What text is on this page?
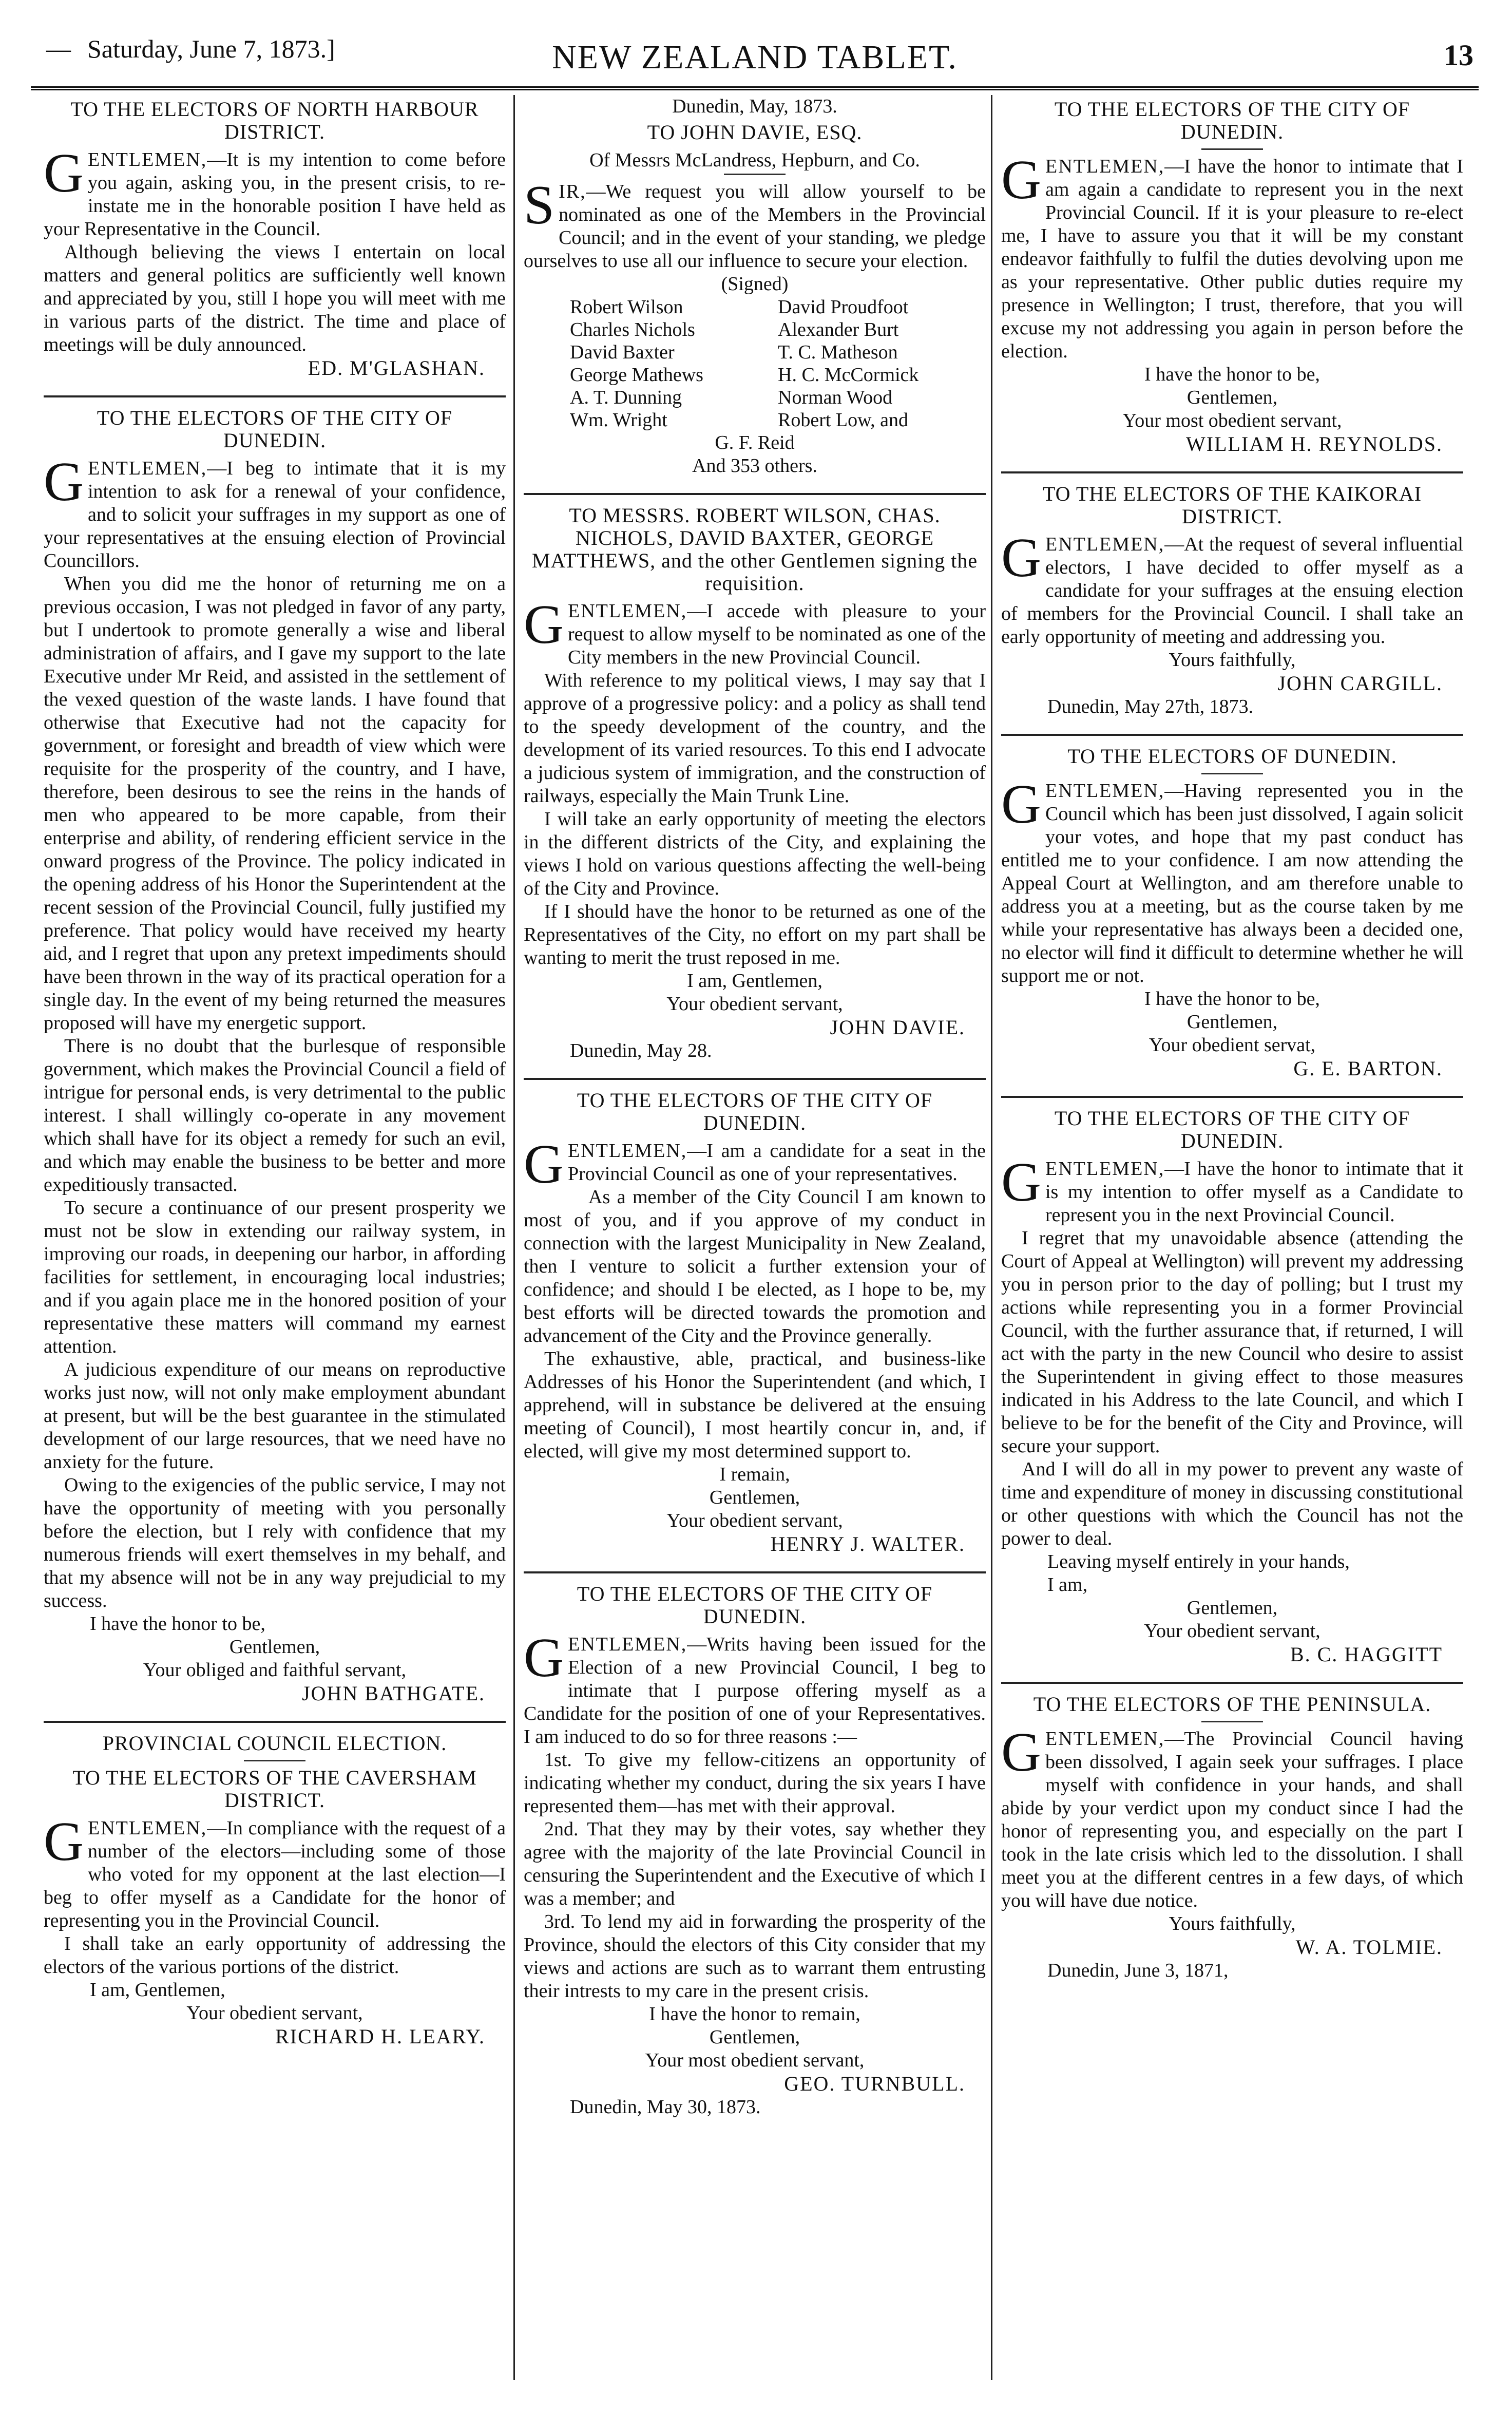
— Saturday, June 7, 1873.]	NEW ZEALAND TABLET.	13
TO THE ELECTORS OF NORTH HARBOUR DISTRICT.

GENTLEMEN,—It is my intention to come before you again, asking you, in the present crisis, to re-instate me in the honorable position I have held as your Representative in the Council.

Although believing the views I entertain on local matters and general politics are sufficiently well known and appreciated by you, still I hope you will meet with me in various parts of the district. The time and place of meetings will be duly announced.

ED. M'GLASHAN.
TO THE ELECTORS OF THE CITY OF DUNEDIN.

GENTLEMEN,—I beg to intimate that it is my intention to ask for a renewal of your confidence, and to solicit your suffrages in my support as one of your representatives at the ensuing election of Provincial Councillors.

When you did me the honor of returning me on a previous occasion, I was not pledged in favor of any party, but I undertook to promote generally a wise and liberal administration of affairs, and I gave my support to the late Executive under Mr Reid, and assisted in the settlement of the vexed question of the waste lands. I have found that otherwise that Executive had not the capacity for government, or foresight and breadth of view which were requisite for the prosperity of the country, and I have, therefore, been desirous to see the reins in the hands of men who appeared to be more capable, from their enterprise and ability, of rendering efficient service in the onward progress of the Province. The policy indicated in the opening address of his Honor the Superintendent at the recent session of the Provincial Council, fully justified my preference. That policy would have received my hearty aid, and I regret that upon any pretext impediments should have been thrown in the way of its practical operation for a single day. In the event of my being returned the measures proposed will have my energetic support.

There is no doubt that the burlesque of responsible government, which makes the Provincial Council a field of intrigue for personal ends, is very detrimental to the public interest. I shall willingly co-operate in any movement which shall have for its object a remedy for such an evil, and which may enable the business to be better and more expeditiously transacted.

To secure a continuance of our present prosperity we must not be slow in extending our railway system, in improving our roads, in deepening our harbor, in affording facilities for settlement, in encouraging local industries; and if you again place me in the honored position of your representative these matters will command my earnest attention.

A judicious expenditure of our means on reproductive works just now, will not only make employment abundant at present, but will be the best guarantee in the stimulated development of our large resources, that we need have no anxiety for the future.

Owing to the exigencies of the public service, I may not have the opportunity of meeting with you personally before the election, but I rely with confidence that my numerous friends will exert themselves in my behalf, and that my absence will not be in any way prejudicial to my success.

I have the honor to be,
Gentlemen,
Your obliged and faithful servant,
JOHN BATHGATE.
PROVINCIAL COUNCIL ELECTION.
TO THE ELECTORS OF THE CAVERSHAM DISTRICT.

GENTLEMEN,—In compliance with the request of a number of the electors—including some of those who voted for my opponent at the last election—I beg to offer myself as a Candidate for the honor of representing you in the Provincial Council.

I shall take an early opportunity of addressing the electors of the various portions of the district.

I am, Gentlemen,
Your obedient servant,
RICHARD H. LEARY.
Dunedin, May, 1873.
TO JOHN DAVIE, ESQ.
Of Messrs McLandress, Hepburn, and Co.

SIR,—We request you will allow yourself to be nominated as one of the Members in the Provincial Council; and in the event of your standing, we pledge ourselves to use all our influence to secure your election.

(Signed)
Robert Wilson	David Proudfoot
Charles Nichols	Alexander Burt
David Baxter	T. C. Matheson
George Mathews	H. C. McCormick
A. T. Dunning	Norman Wood
Wm. Wright	Robert Low, and
G. F. Reid
And 353 others.
TO MESSRS. ROBERT WILSON, CHAS. NICHOLS, DAVID BAXTER, GEORGE MATTHEWS, and the other Gentlemen signing the requisition.

GENTLEMEN,—I accede with pleasure to your request to allow myself to be nominated as one of the City members in the new Provincial Council.

With reference to my political views, I may say that I approve of a progressive policy: and a policy as shall tend to the speedy development of the country, and the development of its varied resources. To this end I advocate a judicious system of immigration, and the construction of railways, especially the Main Trunk Line.

I will take an early opportunity of meeting the electors in the different districts of the City, and explaining the views I hold on various questions affecting the well-being of the City and Province.

If I should have the honor to be returned as one of the Representatives of the City, no effort on my part shall be wanting to merit the trust reposed in me.

I am, Gentlemen,
Your obedient servant,
JOHN DAVIE.
Dunedin, May 28.
TO THE ELECTORS OF THE CITY OF DUNEDIN.

GENTLEMEN,—I am a candidate for a seat in the Provincial Council as one of your representatives.

As a member of the City Council I am known to most of you, and if you approve of my conduct in connection with the largest Municipality in New Zealand, then I venture to solicit a further extension your of confidence; and should I be elected, as I hope to be, my best efforts will be directed towards the promotion and advancement of the City and the Province generally.

The exhaustive, able, practical, and business-like Addresses of his Honor the Superintendent (and which, I apprehend, will in substance be delivered at the ensuing meeting of Council), I most heartily concur in, and, if elected, will give my most determined support to.

I remain,
Gentlemen,
Your obedient servant,
HENRY J. WALTER.
TO THE ELECTORS OF THE CITY OF DUNEDIN.

GENTLEMEN,—Writs having been issued for the Election of a new Provincial Council, I beg to intimate that I purpose offering myself as a Candidate for the position of one of your Representatives. I am induced to do so for three reasons :—

1st. To give my fellow-citizens an opportunity of indicating whether my conduct, during the six years I have represented them—has met with their approval.

2nd. That they may by their votes, say whether they agree with the majority of the late Provincial Council in censuring the Superintendent and the Executive of which I was a member; and

3rd. To lend my aid in forwarding the prosperity of the Province, should the electors of this City consider that my views and actions are such as to warrant them entrusting their intrests to my care in the present crisis.

I have the honor to remain,
Gentlemen,
Your most obedient servant,
GEO. TURNBULL.
Dunedin, May 30, 1873.
TO THE ELECTORS OF THE CITY OF DUNEDIN.

GENTLEMEN,—I have the honor to intimate that I am again a candidate to represent you in the next Provincial Council. If it is your pleasure to re-elect me, I have to assure you that it will be my constant endeavor faithfully to fulfil the duties devolving upon me as your representative. Other public duties require my presence in Wellington; I trust, therefore, that you will excuse my not addressing you again in person before the election.

I have the honor to be,
Gentlemen,
Your most obedient servant,
WILLIAM H. REYNOLDS.
TO THE ELECTORS OF THE KAIKORAI DISTRICT.

GENTLEMEN,—At the request of several influential electors, I have decided to offer myself as a candidate for your suffrages at the ensuing election of members for the Provincial Council. I shall take an early opportunity of meeting and addressing you.

Yours faithfully,
JOHN CARGILL.
Dunedin, May 27th, 1873.
TO THE ELECTORS OF DUNEDIN.

GENTLEMEN,—Having represented you in the Council which has been just dissolved, I again solicit your votes, and hope that my past conduct has entitled me to your confidence. I am now attending the Appeal Court at Wellington, and am therefore unable to address you at a meeting, but as the course taken by me while your representative has always been a decided one, no elector will find it difficult to determine whether he will support me or not.

I have the honor to be,
Gentlemen,
Your obedient servat,
G. E. BARTON.
TO THE ELECTORS OF THE CITY OF DUNEDIN.

GENTLEMEN,—I have the honor to intimate that it is my intention to offer myself as a Candidate to represent you in the next Provincial Council.

I regret that my unavoidable absence (attending the Court of Appeal at Wellington) will prevent my addressing you in person prior to the day of polling; but I trust my actions while representing you in a former Provincial Council, with the further assurance that, if returned, I will act with the party in the new Council who desire to assist the Superintendent in giving effect to those measures indicated in his Address to the late Council, and which I believe to be for the benefit of the City and Province, will secure your support.

And I will do all in my power to prevent any waste of time and expenditure of money in discussing constitutional or other questions with which the Council has not the power to deal.

Leaving myself entirely in your hands,
I am,
Gentlemen,
Your obedient servant,
B. C. HAGGITT
TO THE ELECTORS OF THE PENINSULA.

GENTLEMEN,—The Provincial Council having been dissolved, I again seek your suffrages. I place myself with confidence in your hands, and shall abide by your verdict upon my conduct since I had the honor of representing you, and especially on the part I took in the late crisis which led to the dissolution. I shall meet you at the different centres in a few days, of which you will have due notice.

Yours faithfully,
W. A. TOLMIE.
Dunedin, June 3, 1871,
